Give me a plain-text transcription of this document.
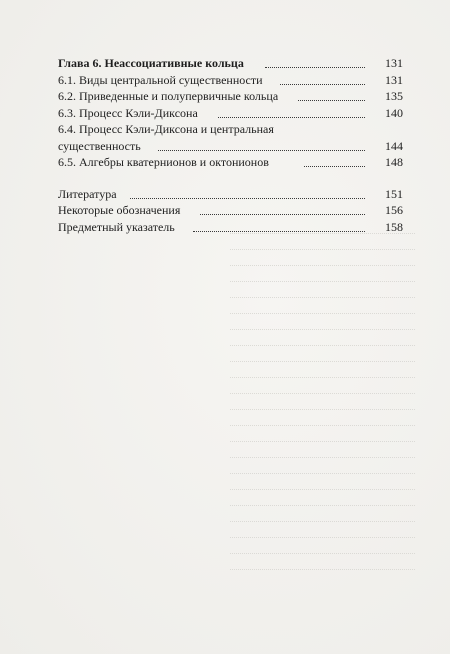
Глава 6. Неассоциативные кольца	131
6.1. Виды центральной существенности	131
6.2. Приведенные и полупервичные кольца	135
6.3. Процесс Кэли-Диксона	140
6.4. Процесс Кэли-Диксона и центральная
существенность	144
6.5. Алгебры кватернионов и октонионов	148
Литература	151
Некоторые обозначения	156
Предметный указатель	158
